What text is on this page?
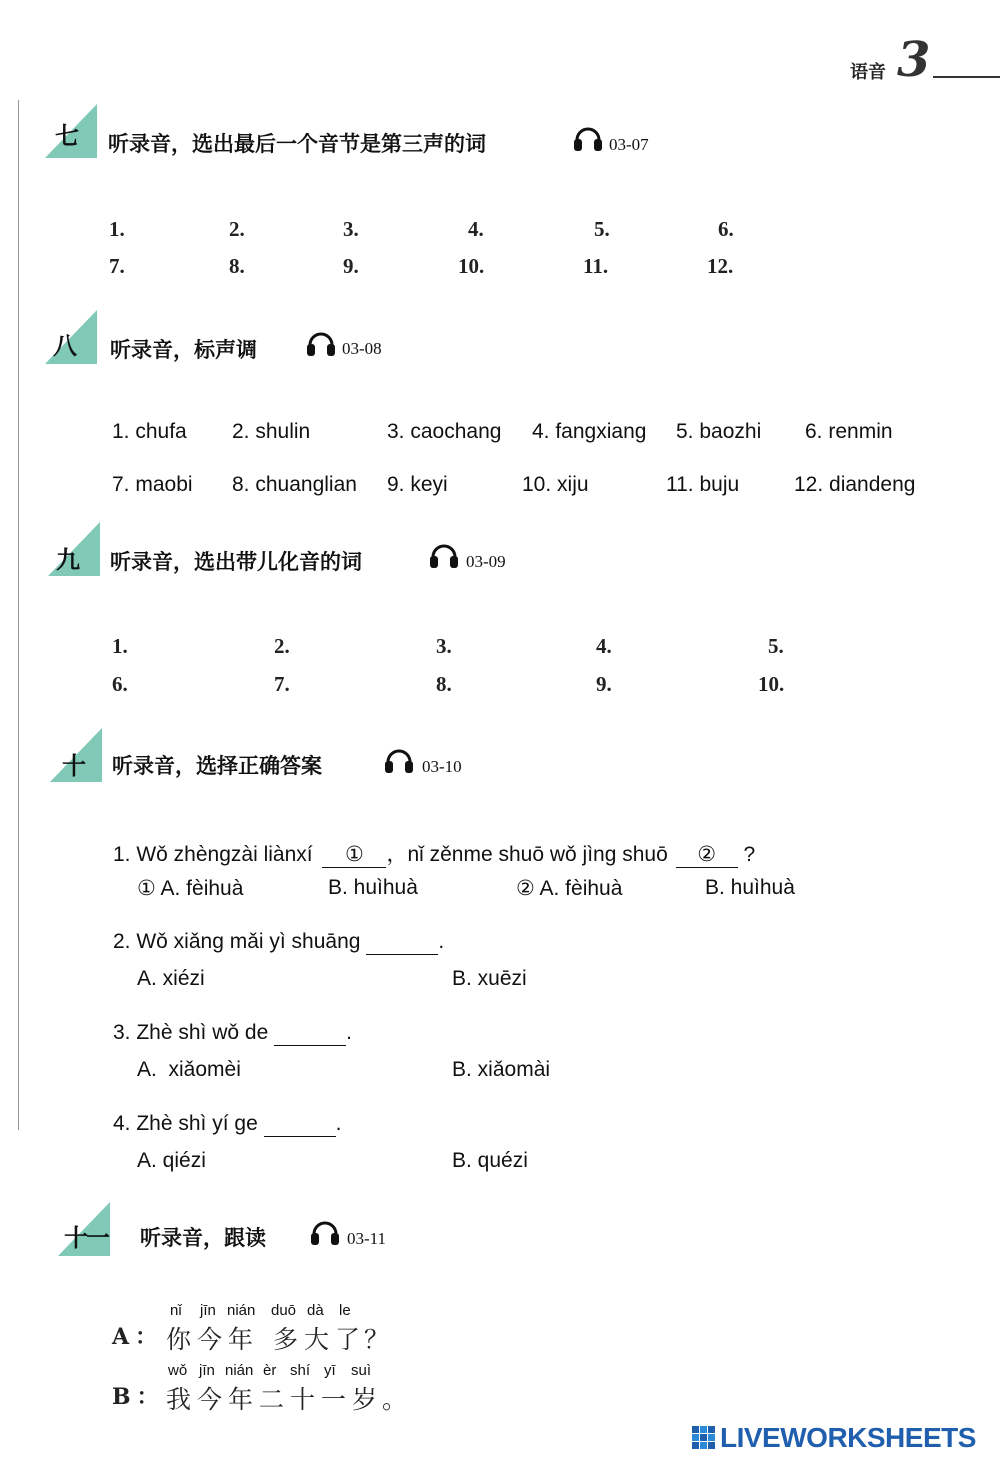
语音 3
七 听录音，选出最后一个音节是第三声的词	03-07
1.	2.	3.	4.	5.	6.
7.	8.	9.	10.	11.	12.
八 听录音，标声调	03-08
1. chufa 2. shulin	3. caochang 4. fangxiang 5. baozhi 6. renmin
7. maobi 8. chuanglian 9. keyi	10. xiju	11. buju	12. diandeng
九 听录音，选出带儿化音的词	03-09
1.	2.	3.	4.	5.
6.	7.	8.	9.	10.
十 听录音，选择正确答案	03-10
1. Wǒ zhèngzài liànxí ① ，nǐ zěnme shuō wǒ jìng shuō ② ?
① A. fèihuà	B. huìhuà	② A. fèihuà	B. huìhuà
2. Wǒ xiǎng mǎi yì shuāng	.
A. xiézi	B. xuēzi
3. Zhè shì wǒ de	.
A.  xiǎomèi	B. xiǎomài
4. Zhè shì yí ge	.
A. qiézi	B. quézi
十一 听录音，跟读	03-11
nǐ jīn nián duō dà le
A： 你 今 年 多 大 了
？
wǒ jīn nián èr shí yī suì
B： 我 今 年 二 十 一 岁
。
LIVEWORKSHEETS
